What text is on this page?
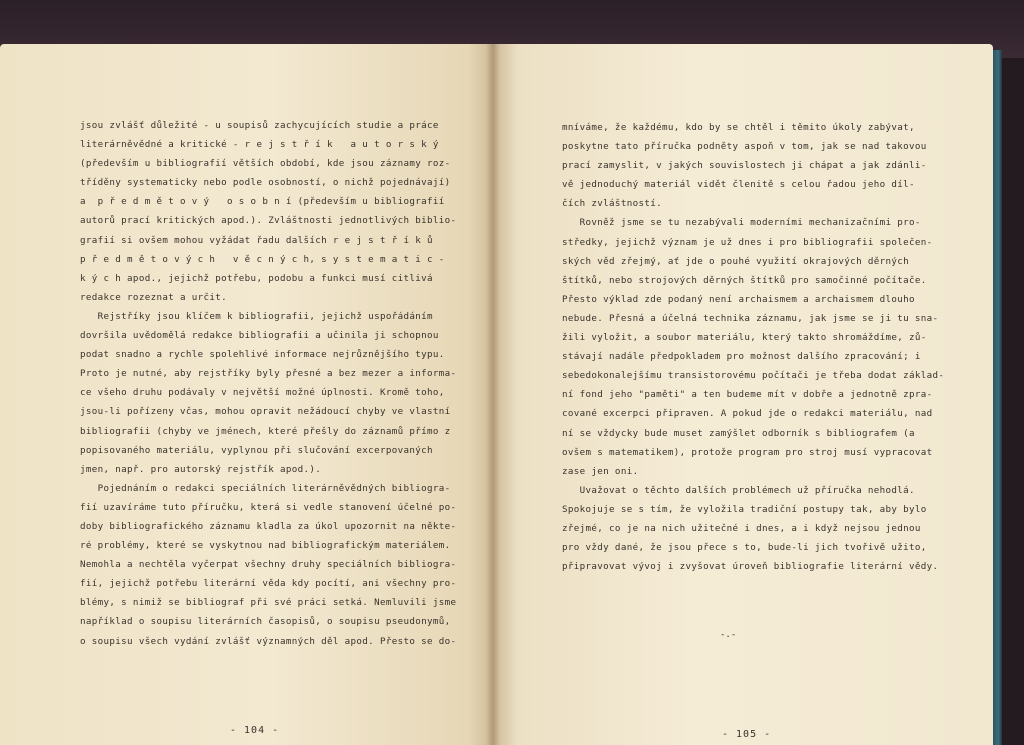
jsou zvlášť důležité - u soupisů zachycujících studie a práce
literárněvědné a kritické - r e j s t ř í k   a u t o r s k ý
(především u bibliografií větších období, kde jsou záznamy roz-
tříděny systematicky nebo podle osobností, o nichž pojednávají)
a  p ř e d m ě t o v ý   o s o b n í (především u bibliografií
autorů prací kritických apod.). Zvláštnosti jednotlivých biblio-
grafií si ovšem mohou vyžádat řadu dalších r e j s t ř í k ů
p ř e d m ě t o v ý c h   v ě c n ý c h, s y s t e m a t i c -
k ý c h apod., jejichž potřebu, podobu a funkci musí citlivá
redakce rozeznat a určit.
Rejstříky jsou klíčem k bibliografii, jejichž uspořádáním
dovršila uvědomělá redakce bibliografii a učinila ji schopnou
podat snadno a rychle spolehlivé informace nejrůznějšího typu.
Proto je nutné, aby rejstříky byly přesné a bez mezer a informa-
ce všeho druhu podávaly v největší možné úplnosti. Kromě toho,
jsou-li pořízeny včas, mohou opravit nežádoucí chyby ve vlastní
bibliografii (chyby ve jménech, které přešly do záznamů přímo z
popisovaného materiálu, vyplynou při slučování excerpovaných
jmen, např. pro autorský rejstřík apod.).
Pojednáním o redakci speciálních literárněvědných bibliogra-
fií uzavíráme tuto příručku, která si vedle stanovení účelné po-
doby bibliografického záznamu kladla za úkol upozornit na někte-
ré problémy, které se vyskytnou nad bibliografickým materiálem.
Nemohla a nechtěla vyčerpat všechny druhy speciálních bibliogra-
fií, jejichž potřebu literární věda kdy pocítí, ani všechny pro-
blémy, s nimiž se bibliograf při své práci setká. Nemluvili jsme
například o soupisu literárních časopisů, o soupisu pseudonymů,
o soupisu všech vydání zvlášť významných děl apod. Přesto se do-
- 104 -
mníváme, že každému, kdo by se chtěl i těmito úkoly zabývat,
poskytne tato příručka podněty aspoň v tom, jak se nad takovou
prací zamyslit, v jakých souvislostech ji chápat a jak zdánli-
vě jednoduchý materiál vidět členitě s celou řadou jeho díl-
čích zvláštností.
Rovněž jsme se tu nezabývali moderními mechanizačními pro-
středky, jejichž význam je už dnes i pro bibliografii společen-
ských věd zřejmý, ať jde o pouhé využití okrajových děrných
štítků, nebo strojových děrných štítků pro samočinné počítače.
Přesto výklad zde podaný není archaismem a archaismem dlouho
nebude. Přesná a účelná technika záznamu, jak jsme se ji tu sna-
žili vyložit, a soubor materiálu, který takto shromáždíme, zů-
stávají nadále předpokladem pro možnost dalšího zpracování; i
sebedokonalejšímu transistorovému počítači je třeba dodat základ-
ní fond jeho "paměti" a ten budeme mít v dobře a jednotně zpra-
cované excerpci připraven. A pokud jde o redakci materiálu, nad
ní se vždycky bude muset zamýšlet odborník s bibliografem (a
ovšem s matematikem), protože program pro stroj musí vypracovat
zase jen oni.
Uvažovat o těchto dalších problémech už příručka nehodlá.
Spokojuje se s tím, že vyložila tradiční postupy tak, aby bylo
zřejmé, co je na nich užitečné i dnes, a i když nejsou jednou
pro vždy dané, že jsou přece s to, bude-li jich tvořivě užito,
připravovat vývoj i zvyšovat úroveň bibliografie literární vědy.
-.-
- 105 -
